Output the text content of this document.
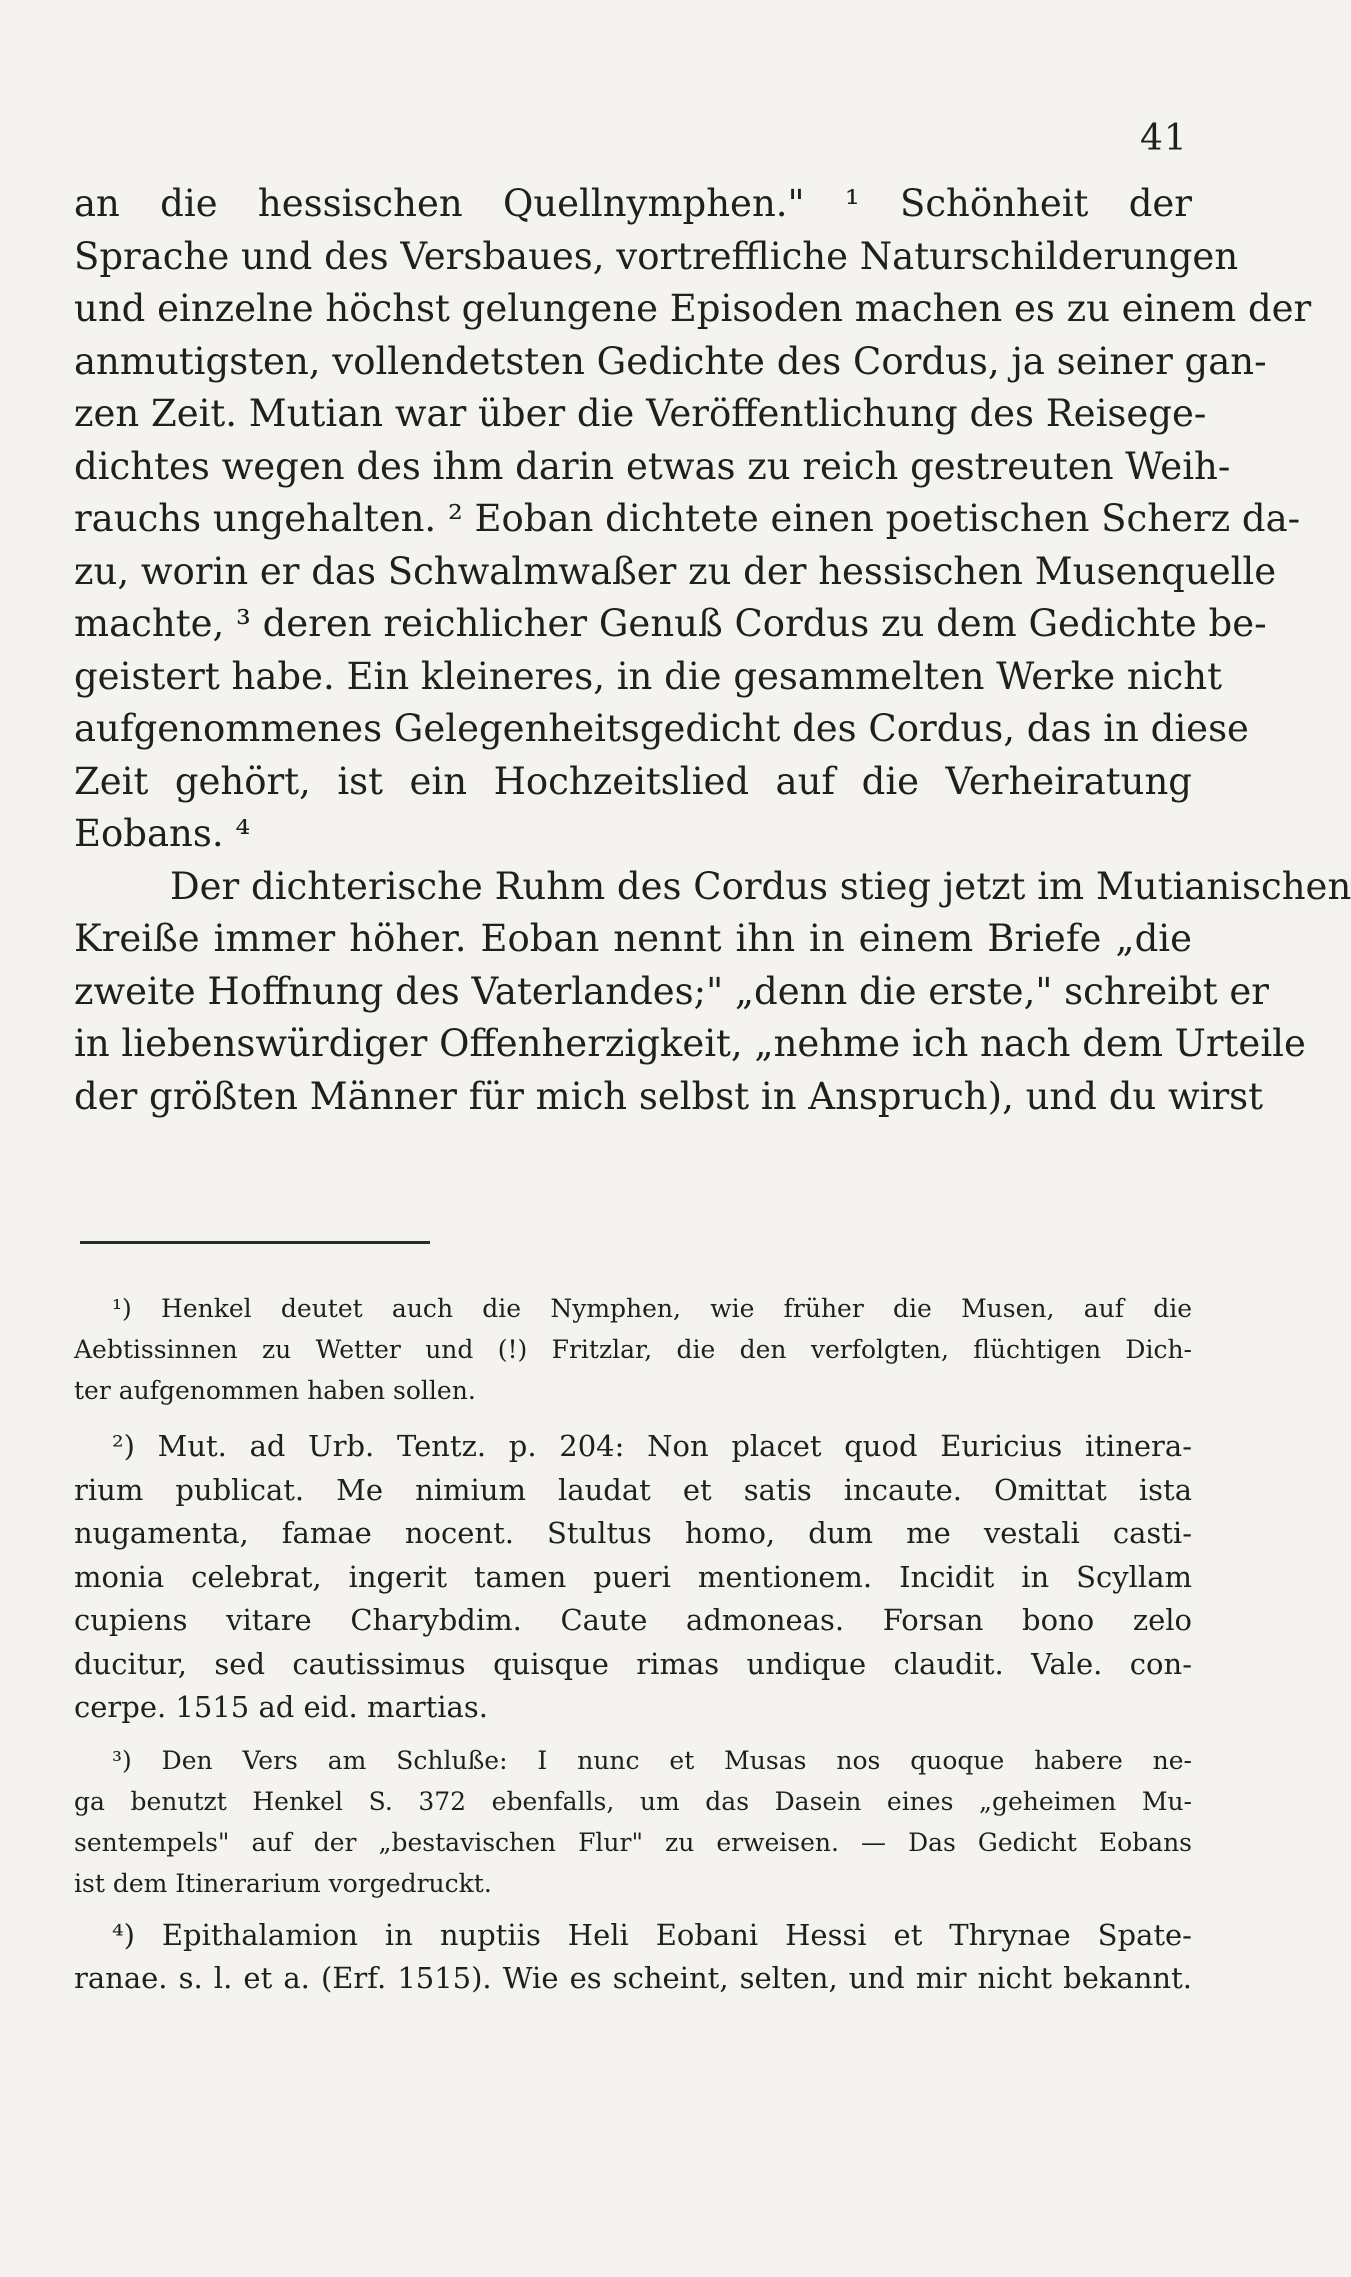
41
an die hessischen Quellnymphen." ¹ Schönheit der
Sprache und des Versbaues, vortreffliche Naturschilderungen
und einzelne höchst gelungene Episoden machen es zu einem der
anmutigsten, vollendetsten Gedichte des Cordus, ja seiner gan-
zen Zeit. Mutian war über die Veröffentlichung des Reisege-
dichtes wegen des ihm darin etwas zu reich gestreuten Weih-
rauchs ungehalten. ² Eoban dichtete einen poetischen Scherz da-
zu, worin er das Schwalmwaßer zu der hessischen Musenquelle
machte, ³ deren reichlicher Genuß Cordus zu dem Gedichte be-
geistert habe. Ein kleineres, in die gesammelten Werke nicht
aufgenommenes Gelegenheitsgedicht des Cordus, das in diese
Zeit gehört, ist ein Hochzeitslied auf die Verheiratung
Eobans. ⁴
Der dichterische Ruhm des Cordus stieg jetzt im Mutianischen
Kreiße immer höher. Eoban nennt ihn in einem Briefe „die
zweite Hoffnung des Vaterlandes;" „denn die erste," schreibt er
in liebenswürdiger Offenherzigkeit, „nehme ich nach dem Urteile
der größten Männer für mich selbst in Anspruch), und du wirst
¹) Henkel deutet auch die Nymphen, wie früher die Musen, auf die
Aebtissinnen zu Wetter und (!) Fritzlar, die den verfolgten, flüchtigen Dich-
ter aufgenommen haben sollen.
²) Mut. ad Urb. Tentz. p. 204: Non placet quod Euricius itinera-
rium publicat. Me nimium laudat et satis incaute. Omittat ista
nugamenta, famae nocent. Stultus homo, dum me vestali casti-
monia celebrat, ingerit tamen pueri mentionem. Incidit in Scyllam
cupiens vitare Charybdim. Caute admoneas. Forsan bono zelo
ducitur, sed cautissimus quisque rimas undique claudit. Vale. con-
cerpe. 1515 ad eid. martias.
³) Den Vers am Schluße: I nunc et Musas nos quoque habere ne-
ga benutzt Henkel S. 372 ebenfalls, um das Dasein eines „geheimen Mu-
sentempels" auf der „bestavischen Flur" zu erweisen. — Das Gedicht Eobans
ist dem Itinerarium vorgedruckt.
⁴) Epithalamion in nuptiis Heli Eobani Hessi et Thrynae Spate-
ranae. s. l. et a. (Erf. 1515). Wie es scheint, selten, und mir nicht bekannt.
